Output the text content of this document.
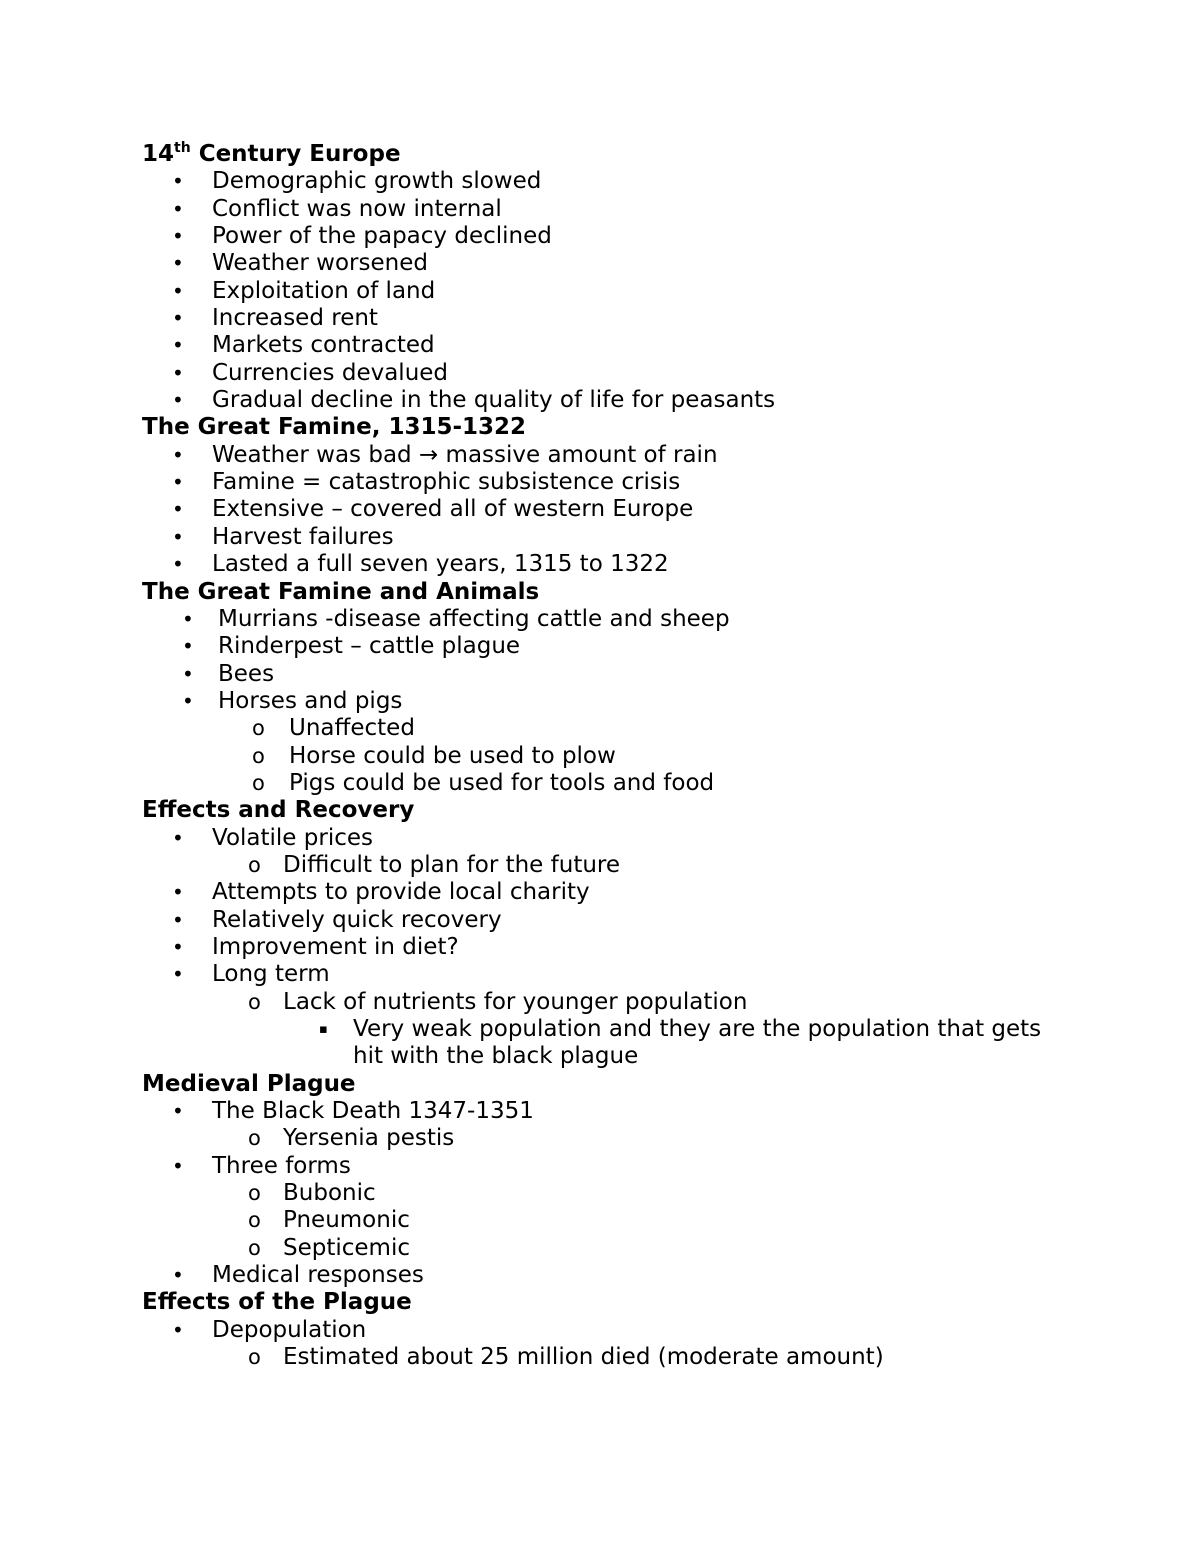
14th Century Europe
• Demographic growth slowed
• Conflict was now internal
• Power of the papacy declined
• Weather worsened
• Exploitation of land
• Increased rent
• Markets contracted
• Currencies devalued
• Gradual decline in the quality of life for peasants
The Great Famine, 1315-1322
• Weather was bad → massive amount of rain
• Famine = catastrophic subsistence crisis
• Extensive – covered all of western Europe
• Harvest failures
• Lasted a full seven years, 1315 to 1322
The Great Famine and Animals
• Murrians -disease affecting cattle and sheep
• Rinderpest – cattle plague
• Bees
• Horses and pigs
o Unaffected
o Horse could be used to plow
o Pigs could be used for tools and food
Effects and Recovery
• Volatile prices
o Difficult to plan for the future
• Attempts to provide local charity
• Relatively quick recovery
• Improvement in diet?
• Long term
o Lack of nutrients for younger population
▪ Very weak population and they are the population that gets
hit with the black plague
Medieval Plague
• The Black Death 1347-1351
o Yersenia pestis
• Three forms
o Bubonic
o Pneumonic
o Septicemic
• Medical responses
Effects of the Plague
• Depopulation
o Estimated about 25 million died (moderate amount)
